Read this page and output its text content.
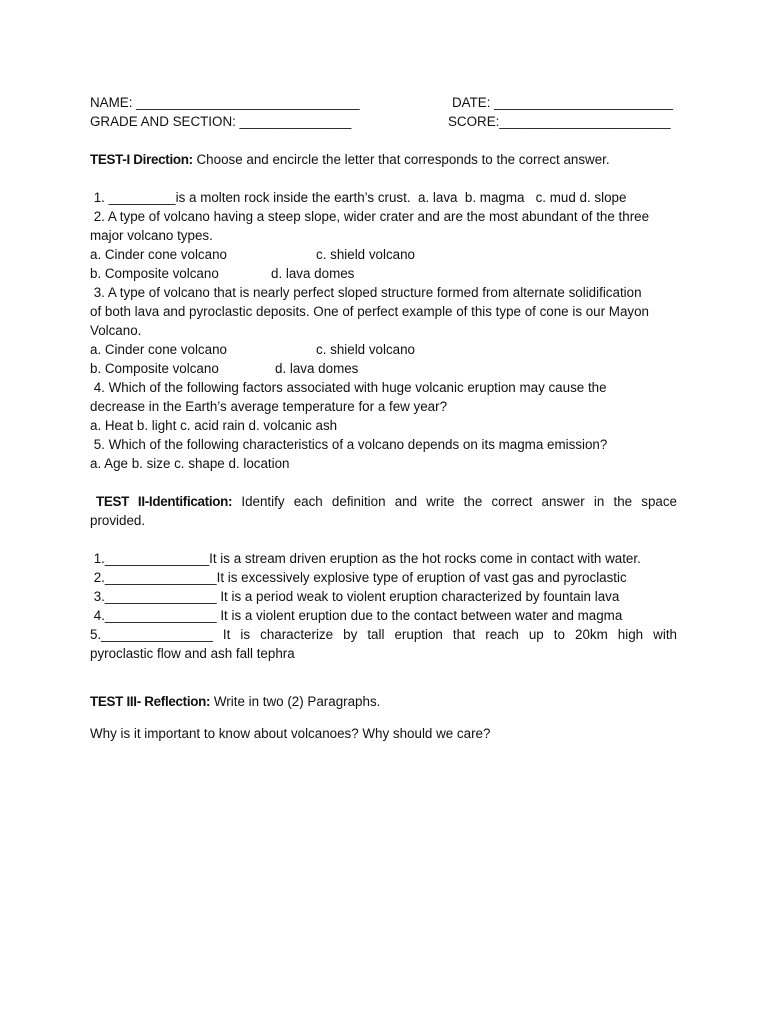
NAME: ______________________________	DATE: ________________________
GRADE AND SECTION: _______________	SCORE:_______________________
TEST-I Direction: Choose and encircle the letter that corresponds to the correct answer.
1. _________is a molten rock inside the earth’s crust.  a. lava  b. magma   c. mud d. slope
2. A type of volcano having a steep slope, wider crater and are the most abundant of the three
major volcano types.
a. Cinder cone volcano	c. shield volcano
b. Composite volcano	d. lava domes
3. A type of volcano that is nearly perfect sloped structure formed from alternate solidification
of both lava and pyroclastic deposits. One of perfect example of this type of cone is our Mayon
Volcano.
a. Cinder cone volcano	c. shield volcano
b. Composite volcano	d. lava domes
4. Which of the following factors associated with huge volcanic eruption may cause the
decrease in the Earth’s average temperature for a few year?
a. Heat b. light c. acid rain d. volcanic ash
5. Which of the following characteristics of a volcano depends on its magma emission?
a. Age b. size c. shape d. location
TEST II-Identification: Identify each definition and write the correct answer in the space
provided.
1.______________It is a stream driven eruption as the hot rocks come in contact with water.
2._______________It is excessively explosive type of eruption of vast gas and pyroclastic
3._______________ It is a period weak to violent eruption characterized by fountain lava
4._______________ It is a violent eruption due to the contact between water and magma
5._______________ It is characterize by tall eruption that reach up to 20km high with
pyroclastic flow and ash fall tephra
TEST III- Reflection: Write in two (2) Paragraphs.
Why is it important to know about volcanoes? Why should we care?
